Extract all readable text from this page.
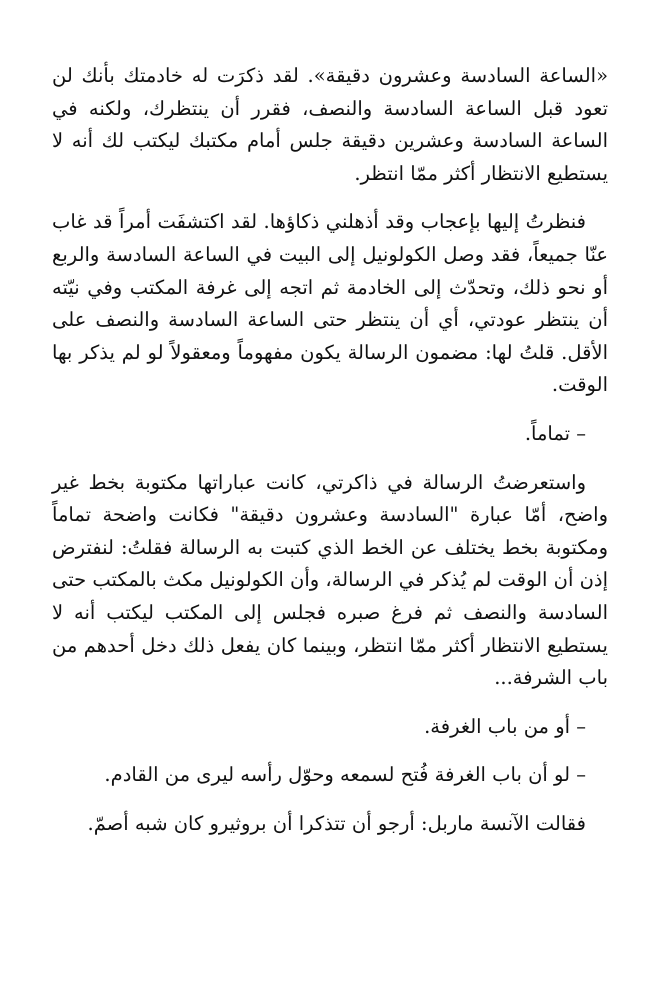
«الساعة السادسة وعشرون دقيقة». لقد ذكرَت له خادمتك بأنك لن تعود قبل الساعة السادسة والنصف، فقرر أن ينتظرك، ولكنه في الساعة السادسة وعشرين دقيقة جلس أمام مكتبك ليكتب لك أنه لا يستطيع الانتظار أكثر ممّا انتظر.

فنظرتُ إليها بإعجاب وقد أذهلني ذكاؤها. لقد اكتشفَت أمراً قد غاب عنّا جميعاً، فقد وصل الكولونيل إلى البيت في الساعة السادسة والربع أو نحو ذلك، وتحدّث إلى الخادمة ثم اتجه إلى غرفة المكتب وفي نيّته أن ينتظر عودتي، أي أن ينتظر حتى الساعة السادسة والنصف على الأقل. قلتُ لها: مضمون الرسالة يكون مفهوماً ومعقولاً لو لم يذكر بها الوقت.

– تماماً.

واستعرضتُ الرسالة في ذاكرتي، كانت عباراتها مكتوبة بخط غير واضح، أمّا عبارة "السادسة وعشرون دقيقة" فكانت واضحة تماماً ومكتوبة بخط يختلف عن الخط الذي كتبت به الرسالة فقلتُ: لنفترض إذن أن الوقت لم يُذكر في الرسالة، وأن الكولونيل مكث بالمكتب حتى السادسة والنصف ثم فرغ صبره فجلس إلى المكتب ليكتب أنه لا يستطيع الانتظار أكثر ممّا انتظر، وبينما كان يفعل ذلك دخل أحدهم من باب الشرفة...

– أو من باب الغرفة.

– لو أن باب الغرفة فُتح لسمعه وحوّل رأسه ليرى من القادم.

فقالت الآنسة ماربل: أرجو أن تتذكرا أن بروثيرو كان شبه أصمّ.
